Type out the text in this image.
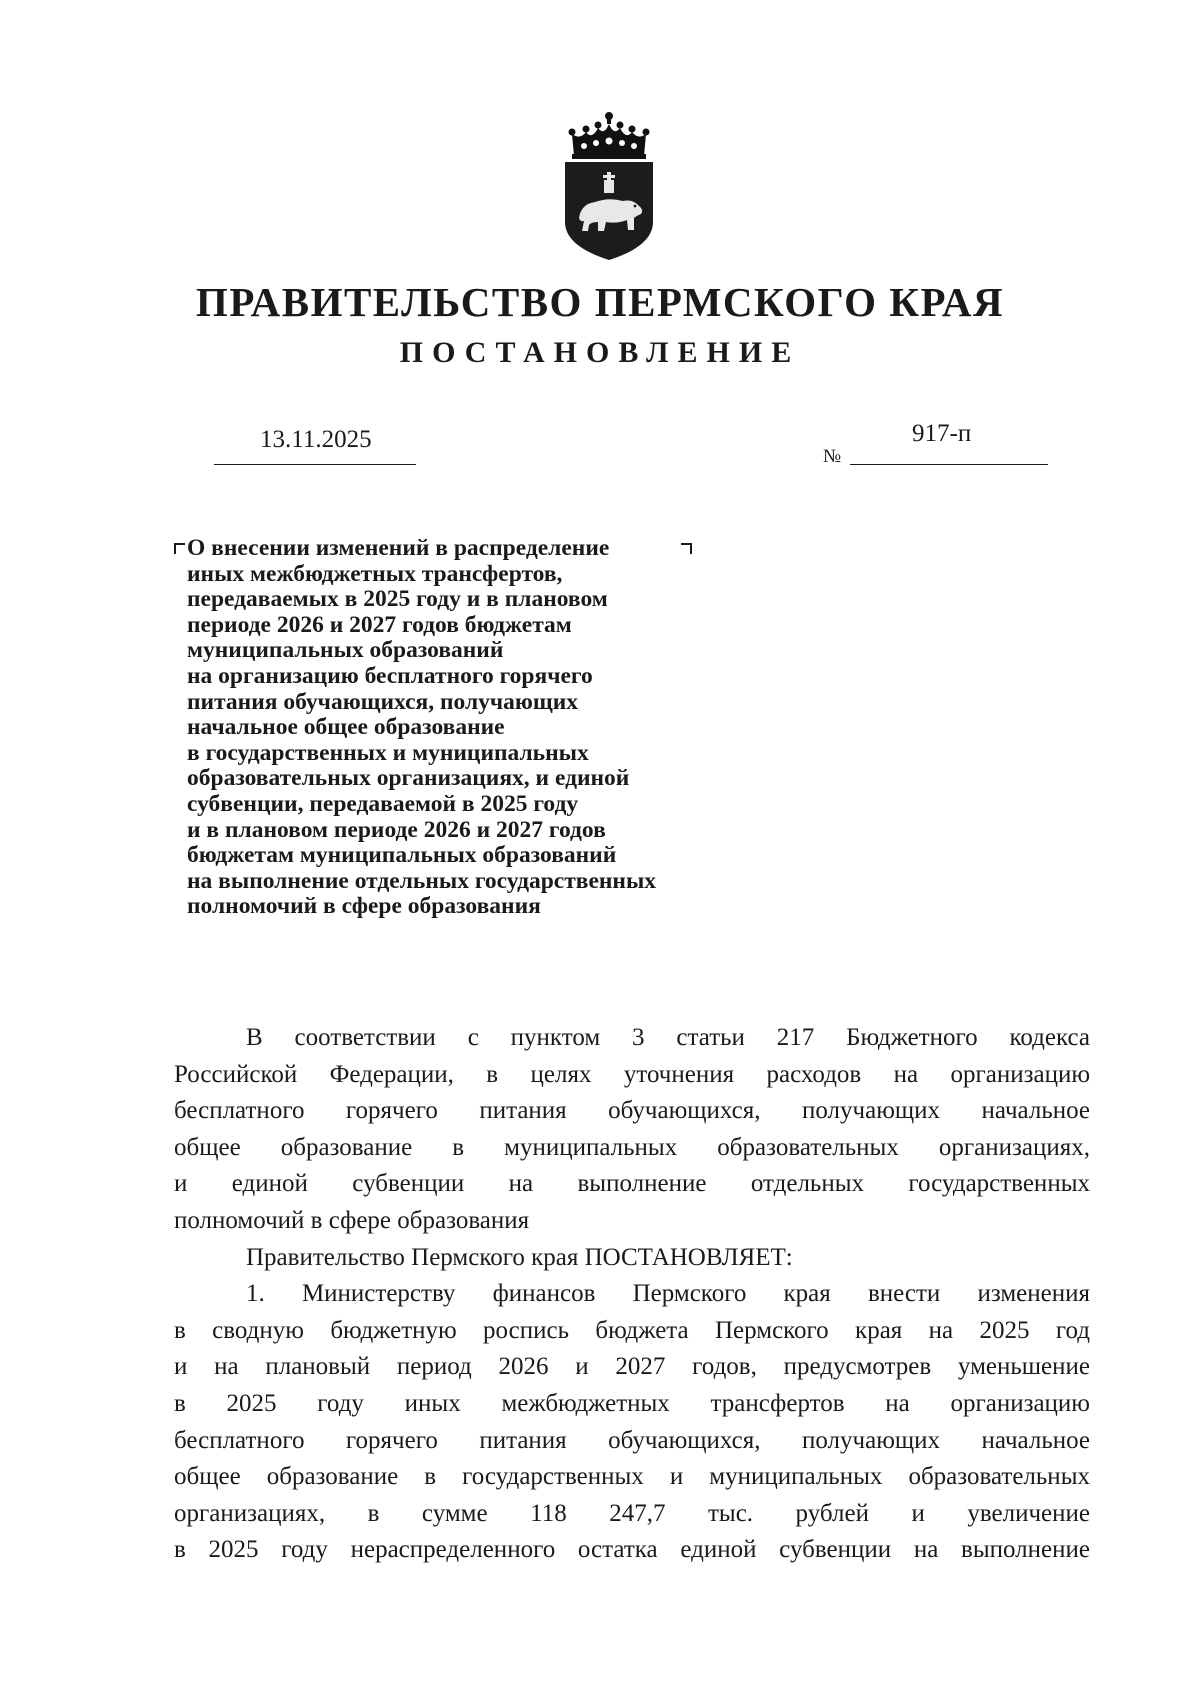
ПРАВИТЕЛЬСТВО ПЕРМСКОГО КРАЯ
ПОСТАНОВЛЕНИЕ
13.11.2025
№
917-п
О внесении изменений в распределение
иных межбюджетных трансфертов,
передаваемых в 2025 году и в плановом
периоде 2026 и 2027 годов бюджетам
муниципальных образований
на организацию бесплатного горячего
питания обучающихся, получающих
начальное общее образование
в государственных и муниципальных
образовательных организациях, и единой
субвенции, передаваемой в 2025 году
и в плановом периоде 2026 и 2027 годов
бюджетам муниципальных образований
на выполнение отдельных государственных
полномочий в сфере образования
В соответствии с пунктом 3 статьи 217 Бюджетного кодекса
Российской Федерации, в целях уточнения расходов на организацию
бесплатного горячего питания обучающихся, получающих начальное
общее образование в муниципальных образовательных организациях,
и единой субвенции на выполнение отдельных государственных
полномочий в сфере образования
Правительство Пермского края ПОСТАНОВЛЯЕТ:
1. Министерству финансов Пермского края внести изменения
в сводную бюджетную роспись бюджета Пермского края на 2025 год
и на плановый период 2026 и 2027 годов, предусмотрев уменьшение
в 2025 году иных межбюджетных трансфертов на организацию
бесплатного горячего питания обучающихся, получающих начальное
общее образование в государственных и муниципальных образовательных
организациях, в сумме 118 247,7 тыс. рублей и увеличение
в 2025 году нераспределенного остатка единой субвенции на выполнение
